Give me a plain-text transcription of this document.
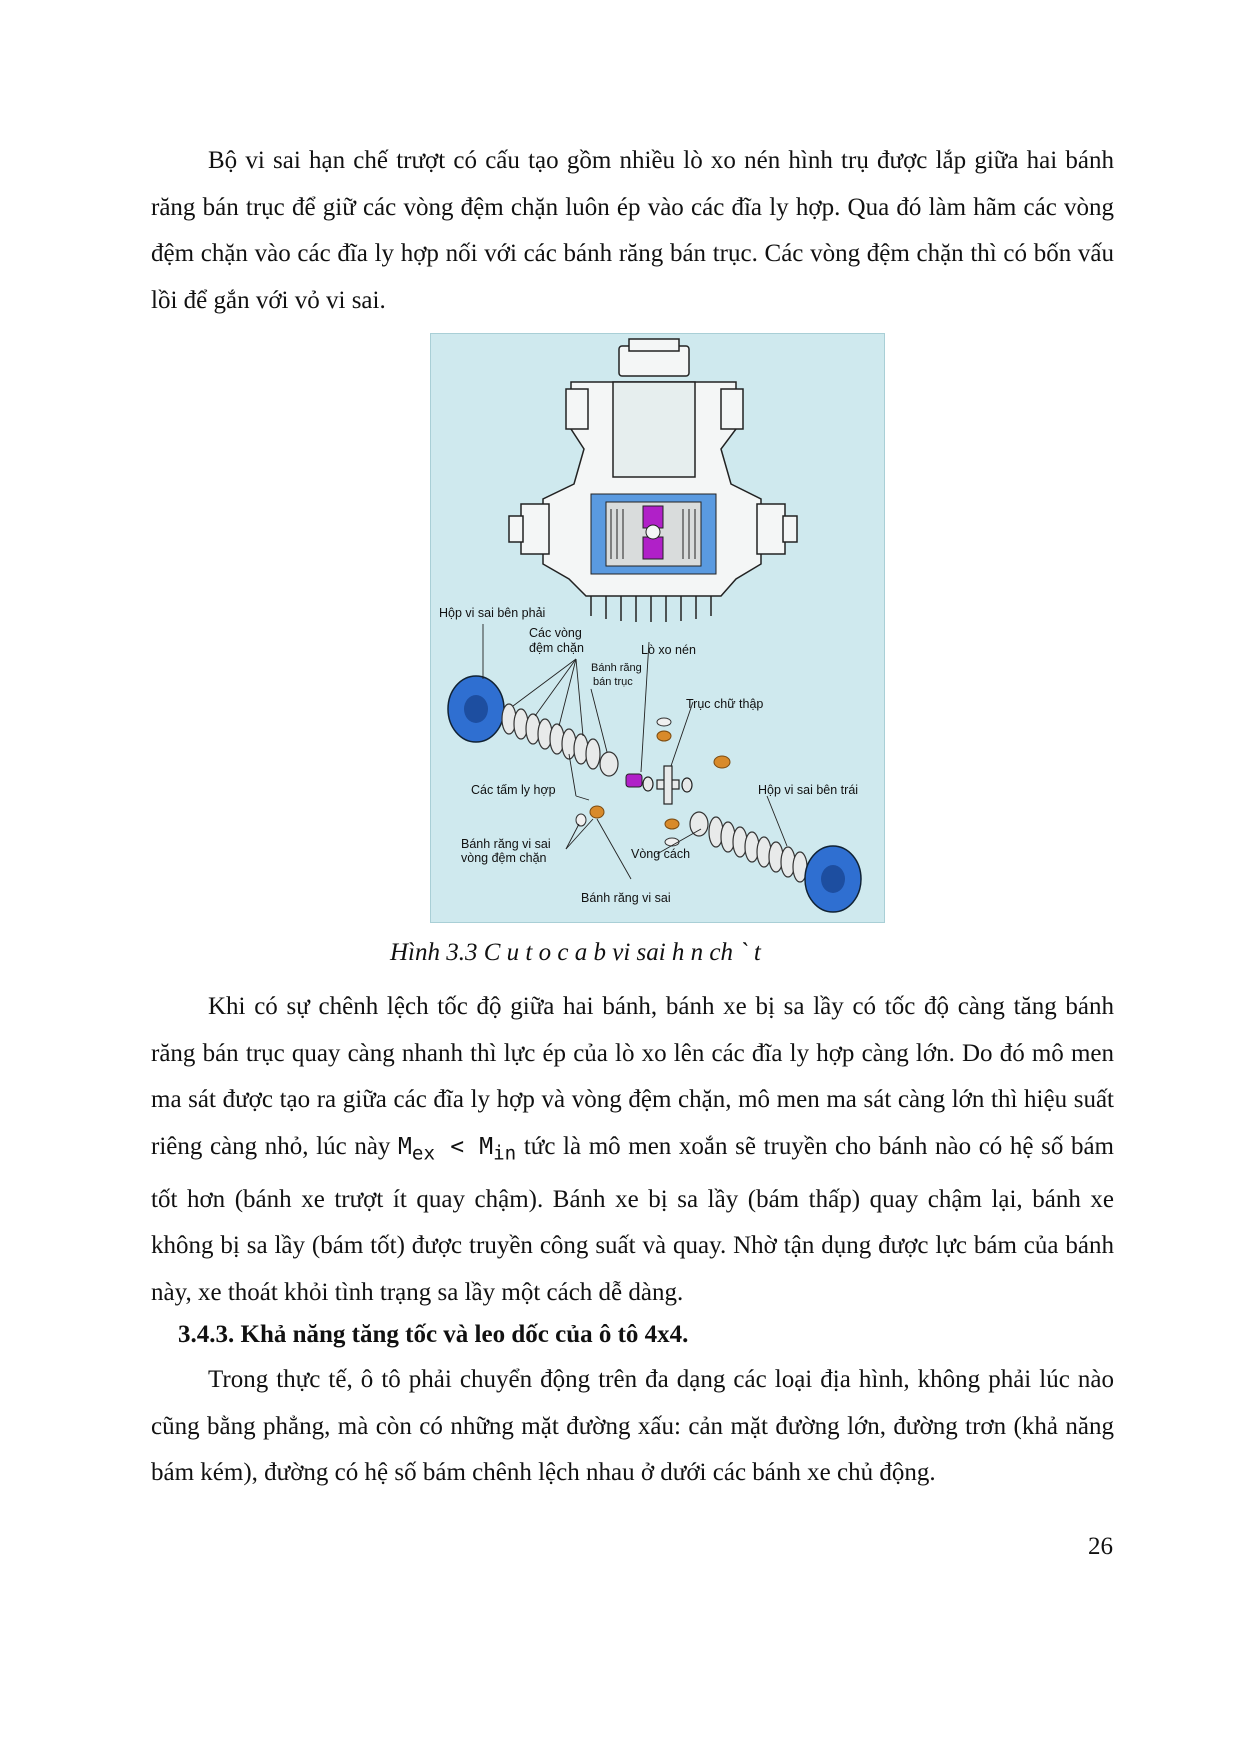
Bộ vi sai hạn chế trượt có cấu tạo gồm nhiều lò xo nén hình trụ được lắp giữa hai bánh răng bán trục để giữ các vòng đệm chặn luôn ép vào các đĩa ly hợp. Qua đó làm hãm các vòng đệm chặn vào các đĩa ly hợp nối với các bánh răng bán trục. Các vòng đệm chặn thì có bốn vấu lồi để gắn với vỏ vi sai.

Hộp vi sai bên phải
Các vòng
đệm chặn	Lò xo nén
Bánh răng
bán trục
Trục chữ thập
Các tấm ly hợp	Hộp vi sai bên trái
Bánh răng vi sai
vòng đệm chặn	Vòng cách
Bánh răng vi sai

Hình 3.3 C u t o c a b vi sai h n ch ` t

Khi có sự chênh lệch tốc độ giữa hai bánh, bánh xe bị sa lầy có tốc độ càng tăng bánh răng bán trục quay càng nhanh thì lực ép của lò xo lên các đĩa ly hợp càng lớn. Do đó mô men ma sát được tạo ra giữa các đĩa ly hợp và vòng đệm chặn, mô men ma sát càng lớn thì hiệu suất riêng càng nhỏ, lúc này $M_{ex} < M_{in}$ tức là mô men xoắn sẽ truyền cho bánh nào có hệ số bám tốt hơn (bánh xe trượt ít quay chậm). Bánh xe bị sa lầy (bám thấp) quay chậm lại, bánh xe không bị sa lầy (bám tốt) được truyền công suất và quay. Nhờ tận dụng được lực bám của bánh này, xe thoát khỏi tình trạng sa lầy một cách dễ dàng.

3.4.3. Khả năng tăng tốc và leo dốc của ô tô 4x4.

Trong thực tế, ô tô phải chuyển động trên đa dạng các loại địa hình, không phải lúc nào cũng bằng phẳng, mà còn có những mặt đường xấu: cản mặt đường lớn, đường trơn (khả năng bám kém), đường có hệ số bám chênh lệch nhau ở dưới các bánh xe chủ động.

26
